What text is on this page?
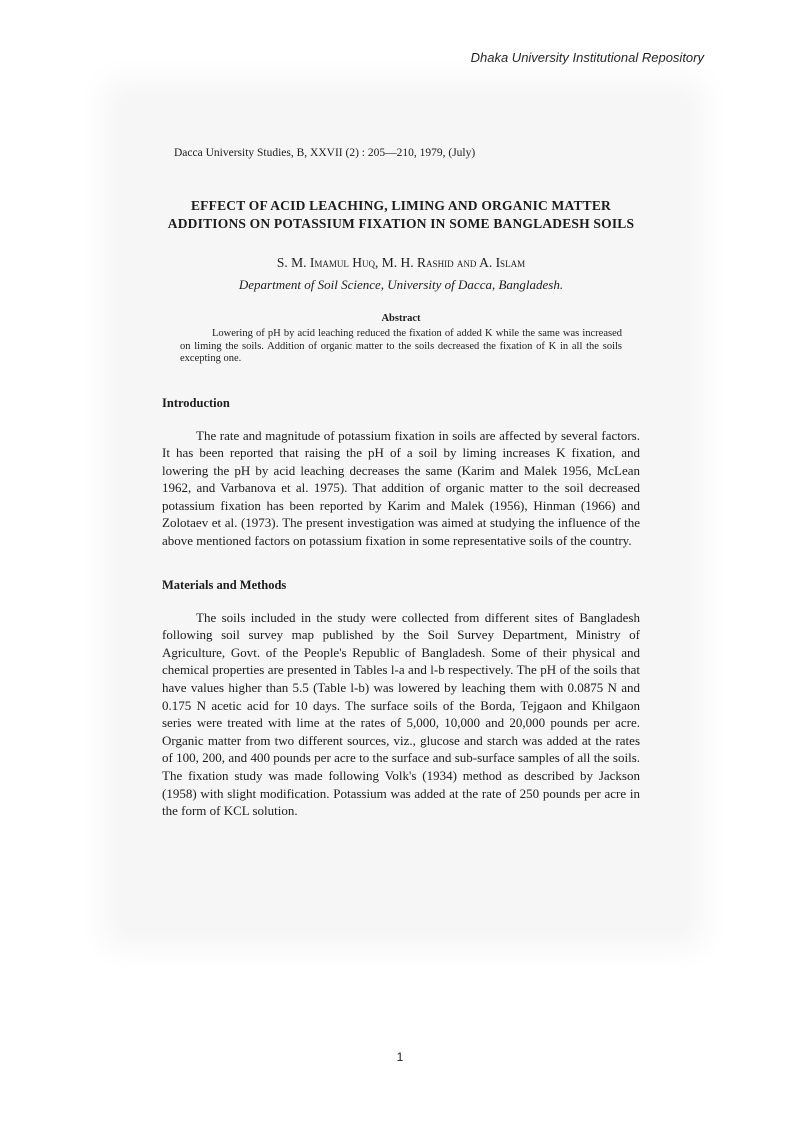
Dhaka University Institutional Repository
Dacca University Studies, B, XXVII (2) : 205—210, 1979, (July)
EFFECT OF ACID LEACHING, LIMING AND ORGANIC MATTER ADDITIONS ON POTASSIUM FIXATION IN SOME BANGLADESH SOILS
S. M. Imamul Huq, M. H. Rashid and A. Islam
Department of Soil Science, University of Dacca, Bangladesh.
Abstract
Lowering of pH by acid leaching reduced the fixation of added K while the same was increased on liming the soils. Addition of organic matter to the soils decreased the fixation of K in all the soils excepting one.
Introduction

The rate and magnitude of potassium fixation in soils are affected by several factors. It has been reported that raising the pH of a soil by liming increases K fixation, and lowering the pH by acid leaching decreases the same (Karim and Malek 1956, McLean 1962, and Varbanova et al. 1975). That addition of organic matter to the soil decreased potassium fixation has been reported by Karim and Malek (1956), Hinman (1966) and Zolotaev et al. (1973). The present investigation was aimed at studying the influence of the above mentioned factors on potassium fixation in some representative soils of the country.

Materials and Methods

The soils included in the study were collected from different sites of Bangladesh following soil survey map published by the Soil Survey Department, Ministry of Agriculture, Govt. of the People's Republic of Bangladesh. Some of their physical and chemical properties are presented in Tables l-a and l-b respectively. The pH of the soils that have values higher than 5.5 (Table l-b) was lowered by leaching them with 0.0875 N and 0.175 N acetic acid for 10 days. The surface soils of the Borda, Tejgaon and Khilgaon series were treated with lime at the rates of 5,000, 10,000 and 20,000 pounds per acre. Organic matter from two different sources, viz., glucose and starch was added at the rates of 100, 200, and 400 pounds per acre to the surface and sub-surface samples of all the soils. The fixation study was made following Volk's (1934) method as described by Jackson (1958) with slight modification. Potassium was added at the rate of 250 pounds per acre in the form of KCL solution.

1
